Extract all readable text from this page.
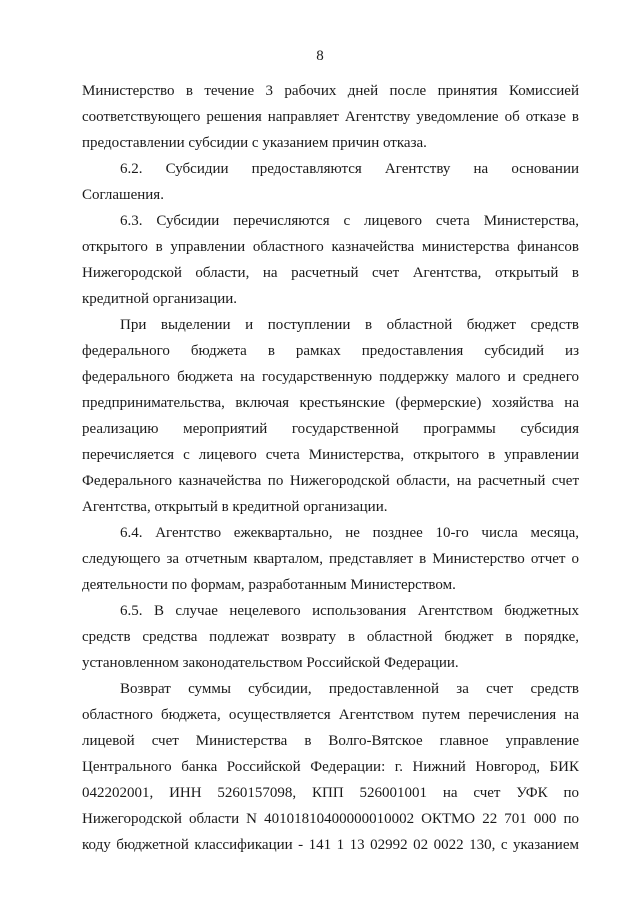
8
Министерство в течение 3 рабочих дней после принятия Комиссией
соответствующего решения направляет Агентству уведомление об отказе в
предоставлении субсидии с указанием причин отказа.
6.2. Субсидии предоставляются Агентству на основании
Соглашения.
6.3. Субсидии перечисляются с лицевого счета Министерства,
открытого в управлении областного казначейства министерства финансов
Нижегородской области, на расчетный счет Агентства, открытый в
кредитной организации.
При выделении и поступлении в областной бюджет средств
федерального бюджета в рамках предоставления субсидий из
федерального бюджета на государственную поддержку малого и среднего
предпринимательства, включая крестьянские (фермерские) хозяйства на
реализацию мероприятий государственной программы субсидия
перечисляется с лицевого счета Министерства, открытого в управлении
Федерального казначейства по Нижегородской области, на расчетный счет
Агентства, открытый в кредитной организации.
6.4. Агентство ежеквартально, не позднее 10-го числа месяца,
следующего за отчетным кварталом, представляет в Министерство отчет о
деятельности по формам, разработанным Министерством.
6.5. В случае нецелевого использования Агентством бюджетных
средств средства подлежат возврату в областной бюджет в порядке,
установленном законодательством Российской Федерации.
Возврат суммы субсидии, предоставленной за счет средств
областного бюджета, осуществляется Агентством путем перечисления на
лицевой счет Министерства в Волго-Вятское главное управление
Центрального банка Российской Федерации: г. Нижний Новгород, БИК
042202001, ИНН 5260157098, КПП 526001001 на счет УФК по
Нижегородской области N 40101810400000010002 ОКТМО 22 701 000 по
коду бюджетной классификации - 141 1 13 02992 02 0022 130, с указанием
